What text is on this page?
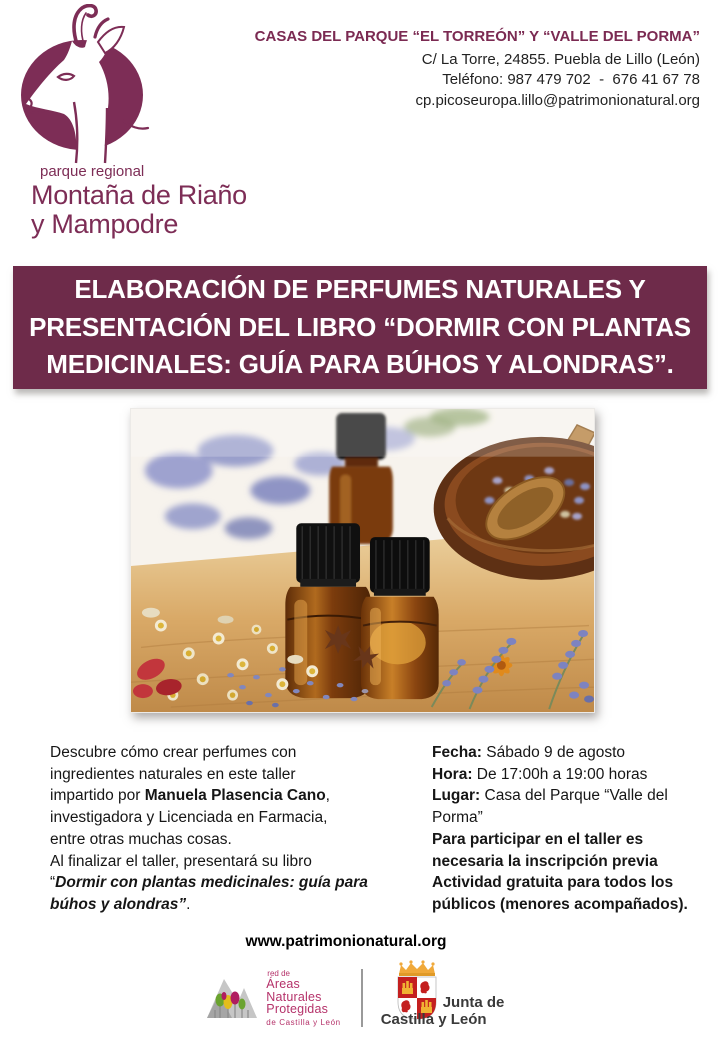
parque regional
Montaña de Riaño
y Mampodre
CASAS DEL PARQUE “EL TORREÓN” Y “VALLE DEL PORMA”
C/ La Torre, 24855. Puebla de Lillo (León)
Teléfono: 987 479 702  -  676 41 67 78
cp.picoseuropa.lillo@patrimonionatural.org
ELABORACIÓN DE PERFUMES NATURALES Y
PRESENTACIÓN DEL LIBRO “DORMIR CON PLANTAS
MEDICINALES: GUÍA PARA BÚHOS Y ALONDRAS”.
Descubre cómo crear perfumes con
ingredientes naturales en este taller
impartido por Manuela Plasencia Cano,
investigadora y Licenciada en Farmacia,
entre otras muchas cosas.
Al finalizar el taller, presentará su libro
“Dormir con plantas medicinales: guía para
búhos y alondras”.
Fecha: Sábado 9 de agosto
Hora: De 17:00h a 19:00 horas
Lugar: Casa del Parque “Valle del Porma”
Para participar en el taller es necesaria la inscripción previa
Actividad gratuita para todos los públicos (menores acompañados).
www.patrimonionatural.org
red de
Áreas
Naturales
Protegidas
de Castilla y León
Junta de
Castilla y León
